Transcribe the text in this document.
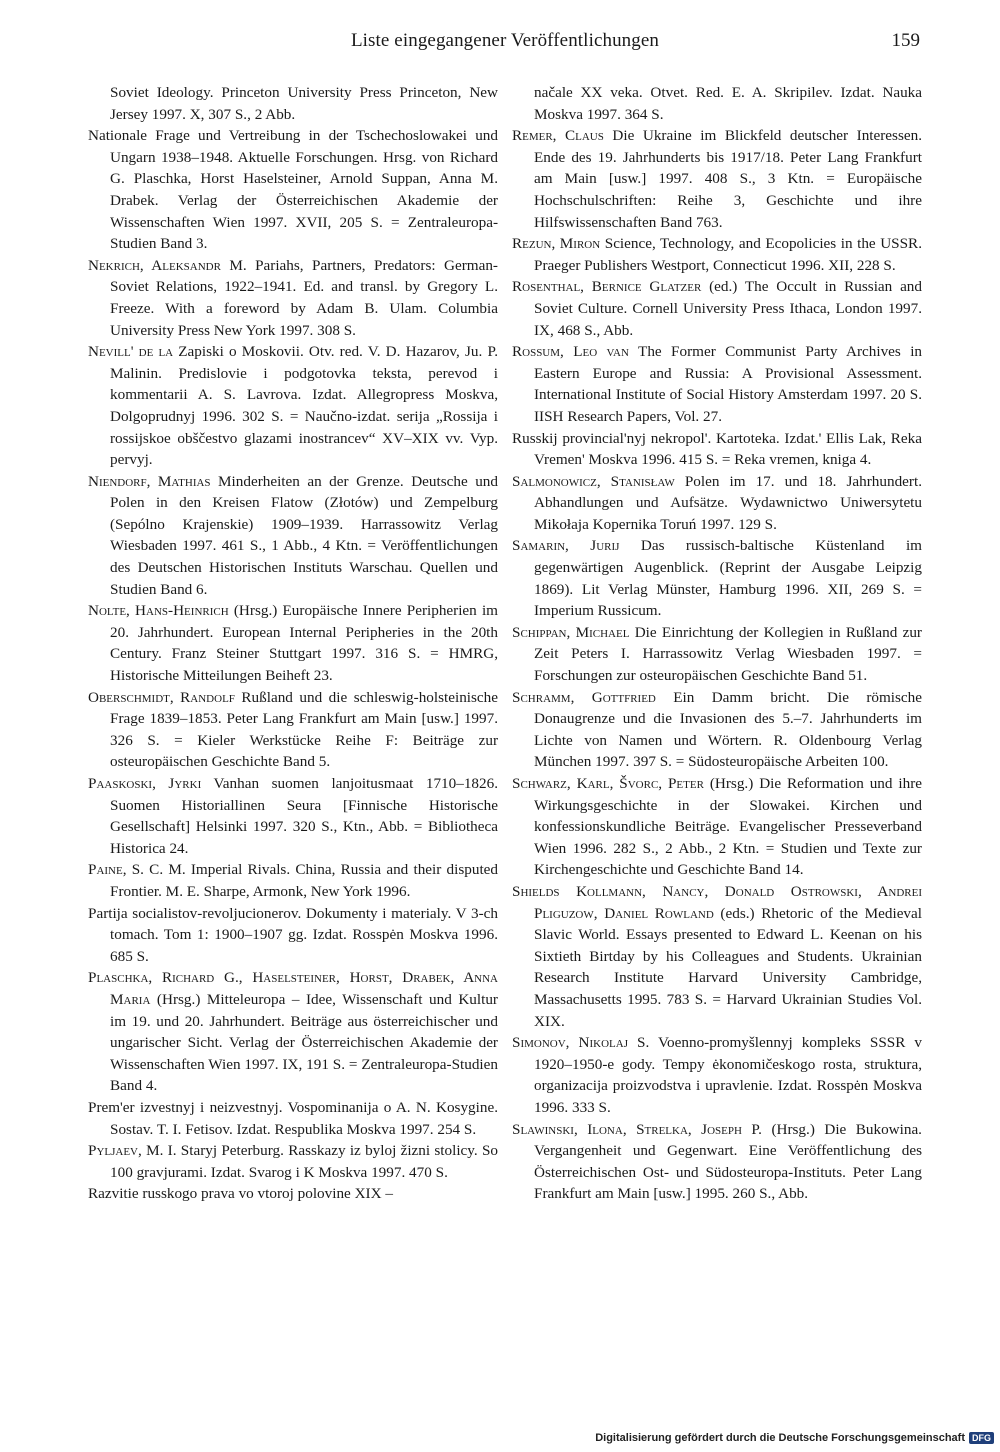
Liste eingegangener Veröffentlichungen	159

Soviet Ideology. Princeton University Press Princeton, New Jersey 1997. X, 307 S., 2 Abb.

Nationale Frage und Vertreibung in der Tschechoslowakei und Ungarn 1938–1948. Aktuelle Forschungen. Hrsg. von Richard G. Plaschka, Horst Haselsteiner, Arnold Suppan, Anna M. Drabek. Verlag der Österreichischen Akademie der Wissenschaften Wien 1997. XVII, 205 S. = Zentraleuropa-Studien Band 3.

Nekrich, Aleksandr M. Pariahs, Partners, Predators: German-Soviet Relations, 1922–1941. Ed. and transl. by Gregory L. Freeze. With a foreword by Adam B. Ulam. Columbia University Press New York 1997. 308 S.

Nevill' de la Zapiski o Moskovii. Otv. red. V. D. Hazarov, Ju. P. Malinin. Predislovie i podgotovka teksta, perevod i kommentarii A. S. Lavrova. Izdat. Allegropress Moskva, Dolgoprudnyj 1996. 302 S. = Naučno-izdat. serija „Rossija i rossijskoe obščestvo glazami inostrancev“ XV–XIX vv. Vyp. pervyj.

Niendorf, Mathias Minderheiten an der Grenze. Deutsche und Polen in den Kreisen Flatow (Złotów) und Zempelburg (Sepólno Krajenskie) 1909–1939. Harrassowitz Verlag Wiesbaden 1997. 461 S., 1 Abb., 4 Ktn. = Veröffentlichungen des Deutschen Historischen Instituts Warschau. Quellen und Studien Band 6.

Nolte, Hans-Heinrich (Hrsg.) Europäische Innere Peripherien im 20. Jahrhundert. European Internal Peripheries in the 20th Century. Franz Steiner Stuttgart 1997. 316 S. = HMRG, Historische Mitteilungen Beiheft 23.

Oberschmidt, Randolf Rußland und die schleswig-holsteinische Frage 1839–1853. Peter Lang Frankfurt am Main [usw.] 1997. 326 S. = Kieler Werkstücke Reihe F: Beiträge zur osteuropäischen Geschichte Band 5.

Paaskoski, Jyrki Vanhan suomen lanjoitusmaat 1710–1826. Suomen Historiallinen Seura [Finnische Historische Gesellschaft] Helsinki 1997. 320 S., Ktn., Abb. = Bibliotheca Historica 24.

Paine, S. C. M. Imperial Rivals. China, Russia and their disputed Frontier. M. E. Sharpe, Armonk, New York 1996.

Partija socialistov-revoljucionerov. Dokumenty i materialy. V 3-ch tomach. Tom 1: 1900–1907 gg. Izdat. Rosspėn Moskva 1996. 685 S.

Plaschka, Richard G., Haselsteiner, Horst, Drabek, Anna Maria (Hrsg.) Mitteleuropa – Idee, Wissenschaft und Kultur im 19. und 20. Jahrhundert. Beiträge aus österreichischer und ungarischer Sicht. Verlag der Österreichischen Akademie der Wissenschaften Wien 1997. IX, 191 S. = Zentraleuropa-Studien Band 4.

Prem'er izvestnyj i neizvestnyj. Vospominanija o A. N. Kosygine. Sostav. T. I. Fetisov. Izdat. Respublika Moskva 1997. 254 S.

Pyljaev, M. I. Staryj Peterburg. Rasskazy iz byloj žizni stolicy. So 100 gravjurami. Izdat. Svarog i K Moskva 1997. 470 S.

Razvitie russkogo prava vo vtoroj polovine XIX –

načale XX veka. Otvet. Red. E. A. Skripilev. Izdat. Nauka Moskva 1997. 364 S.

Remer, Claus Die Ukraine im Blickfeld deutscher Interessen. Ende des 19. Jahrhunderts bis 1917/18. Peter Lang Frankfurt am Main [usw.] 1997. 408 S., 3 Ktn. = Europäische Hochschulschriften: Reihe 3, Geschichte und ihre Hilfswissenschaften Band 763.

Rezun, Miron Science, Technology, and Ecopolicies in the USSR. Praeger Publishers Westport, Connecticut 1996. XII, 228 S.

Rosenthal, Bernice Glatzer (ed.) The Occult in Russian and Soviet Culture. Cornell University Press Ithaca, London 1997. IX, 468 S., Abb.

Rossum, Leo van The Former Communist Party Archives in Eastern Europe and Russia: A Provisional Assessment. International Institute of Social History Amsterdam 1997. 20 S. IISH Research Papers, Vol. 27.

Russkij provincial'nyj nekropol'. Kartoteka. Izdat.' Ellis Lak, Reka Vremen' Moskva 1996. 415 S. = Reka vremen, kniga 4.

Salmonowicz, Stanisław Polen im 17. und 18. Jahrhundert. Abhandlungen und Aufsätze. Wydawnictwo Uniwersytetu Mikołaja Kopernika Toruń 1997. 129 S.

Samarin, Jurij Das russisch-baltische Küstenland im gegenwärtigen Augenblick. (Reprint der Ausgabe Leipzig 1869). Lit Verlag Münster, Hamburg 1996. XII, 269 S. = Imperium Russicum.

Schippan, Michael Die Einrichtung der Kollegien in Rußland zur Zeit Peters I. Harrassowitz Verlag Wiesbaden 1997. = Forschungen zur osteuropäischen Geschichte Band 51.

Schramm, Gottfried Ein Damm bricht. Die römische Donaugrenze und die Invasionen des 5.–7. Jahrhunderts im Lichte von Namen und Wörtern. R. Oldenbourg Verlag München 1997. 397 S. = Südosteuropäische Arbeiten 100.

Schwarz, Karl, Švorc, Peter (Hrsg.) Die Reformation und ihre Wirkungsgeschichte in der Slowakei. Kirchen und konfessionskundliche Beiträge. Evangelischer Presseverband Wien 1996. 282 S., 2 Abb., 2 Ktn. = Studien und Texte zur Kirchengeschichte und Geschichte Band 14.

Shields Kollmann, Nancy, Donald Ostrowski, Andrei Pliguzow, Daniel Rowland (eds.) Rhetoric of the Medieval Slavic World. Essays presented to Edward L. Keenan on his Sixtieth Birtday by his Colleagues and Students. Ukrainian Research Institute Harvard University Cambridge, Massachusetts 1995. 783 S. = Harvard Ukrainian Studies Vol. XIX.

Simonov, Nikolaj S. Voenno-promyšlennyj kompleks SSSR v 1920–1950-e gody. Tempy ėkonomičeskogo rosta, struktura, organizacija proizvodstva i upravlenie. Izdat. Rosspėn Moskva 1996. 333 S.

Slawinski, Ilona, Strelka, Joseph P. (Hrsg.) Die Bukowina. Vergangenheit und Gegenwart. Eine Veröffentlichung des Österreichischen Ost- und Südosteuropa-Instituts. Peter Lang Frankfurt am Main [usw.] 1995. 260 S., Abb.

Digitalisierung gefördert durch die Deutsche Forschungsgemeinschaft DFG
